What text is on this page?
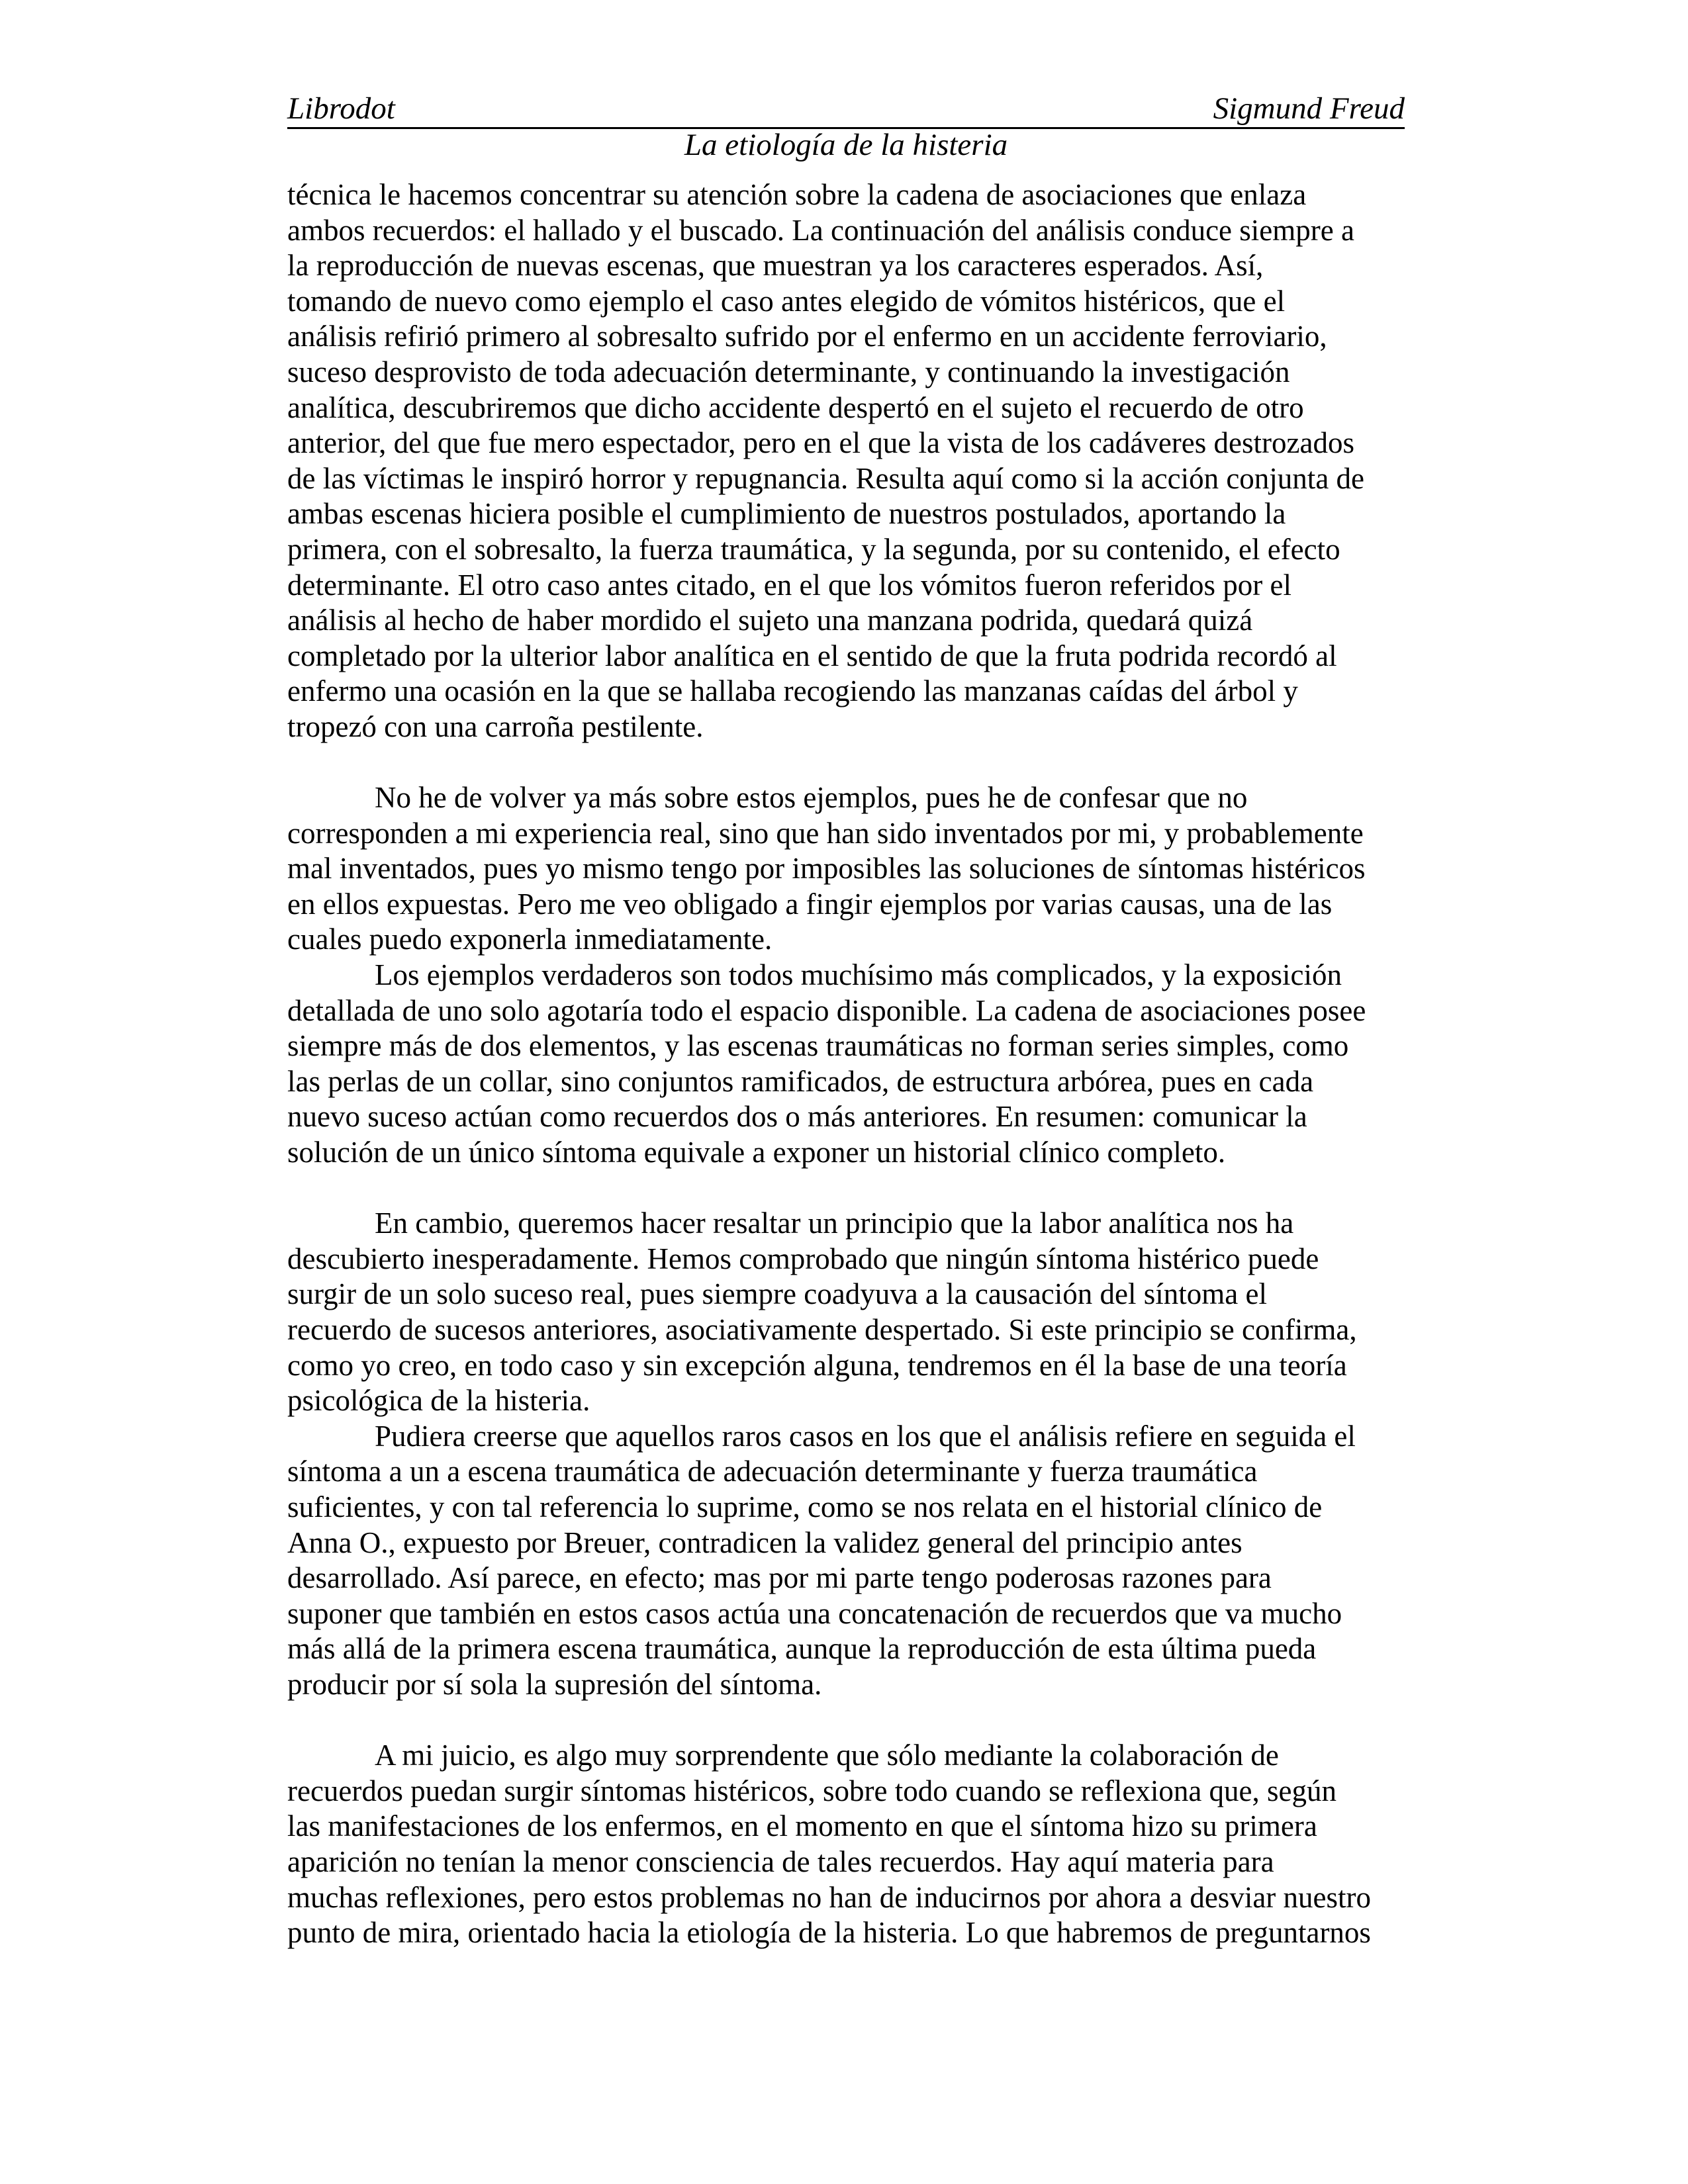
Librodot	Sigmund Freud
La etiología de la histeria

técnica le hacemos concentrar su atención sobre la cadena de asociaciones que enlaza
ambos recuerdos: el hallado y el buscado. La continuación del análisis conduce siempre a
la reproducción de nuevas escenas, que muestran ya los caracteres esperados. Así,
tomando de nuevo como ejemplo el caso antes elegido de vómitos histéricos, que el
análisis refirió primero al sobresalto sufrido por el enfermo en un accidente ferroviario,
suceso desprovisto de toda adecuación determinante, y continuando la investigación
analítica, descubriremos que dicho accidente despertó en el sujeto el recuerdo de otro
anterior, del que fue mero espectador, pero en el que la vista de los cadáveres destrozados
de las víctimas le inspiró horror y repugnancia. Resulta aquí como si la acción conjunta de
ambas escenas hiciera posible el cumplimiento de nuestros postulados, aportando la
primera, con el sobresalto, la fuerza traumática, y la segunda, por su contenido, el efecto
determinante. El otro caso antes citado, en el que los vómitos fueron referidos por el
análisis al hecho de haber mordido el sujeto una manzana podrida, quedará quizá
completado por la ulterior labor analítica en el sentido de que la fruta podrida recordó al
enfermo una ocasión en la que se hallaba recogiendo las manzanas caídas del árbol y
tropezó con una carroña pestilente.

No he de volver ya más sobre estos ejemplos, pues he de confesar que no
corresponden a mi experiencia real, sino que han sido inventados por mi, y probablemente
mal inventados, pues yo mismo tengo por imposibles las soluciones de síntomas histéricos
en ellos expuestas. Pero me veo obligado a fingir ejemplos por varias causas, una de las
cuales puedo exponerla inmediatamente.

Los ejemplos verdaderos son todos muchísimo más complicados, y la exposición
detallada de uno solo agotaría todo el espacio disponible. La cadena de asociaciones posee
siempre más de dos elementos, y las escenas traumáticas no forman series simples, como
las perlas de un collar, sino conjuntos ramificados, de estructura arbórea, pues en cada
nuevo suceso actúan como recuerdos dos o más anteriores. En resumen: comunicar la
solución de un único síntoma equivale a exponer un historial clínico completo.

En cambio, queremos hacer resaltar un principio que la labor analítica nos ha
descubierto inesperadamente. Hemos comprobado que ningún síntoma histérico puede
surgir de un solo suceso real, pues siempre coadyuva a la causación del síntoma el
recuerdo de sucesos anteriores, asociativamente despertado. Si este principio se confirma,
como yo creo, en todo caso y sin excepción alguna, tendremos en él la base de una teoría
psicológica de la histeria.

Pudiera creerse que aquellos raros casos en los que el análisis refiere en seguida el
síntoma a un a escena traumática de adecuación determinante y fuerza traumática
suficientes, y con tal referencia lo suprime, como se nos relata en el historial clínico de
Anna O., expuesto por Breuer, contradicen la validez general del principio antes
desarrollado. Así parece, en efecto; mas por mi parte tengo poderosas razones para
suponer que también en estos casos actúa una concatenación de recuerdos que va mucho
más allá de la primera escena traumática, aunque la reproducción de esta última pueda
producir por sí sola la supresión del síntoma.

A mi juicio, es algo muy sorprendente que sólo mediante la colaboración de
recuerdos puedan surgir síntomas histéricos, sobre todo cuando se reflexiona que, según
las manifestaciones de los enfermos, en el momento en que el síntoma hizo su primera
aparición no tenían la menor consciencia de tales recuerdos. Hay aquí materia para
muchas reflexiones, pero estos problemas no han de inducirnos por ahora a desviar nuestro
punto de mira, orientado hacia la etiología de la histeria. Lo que habremos de preguntarnos
